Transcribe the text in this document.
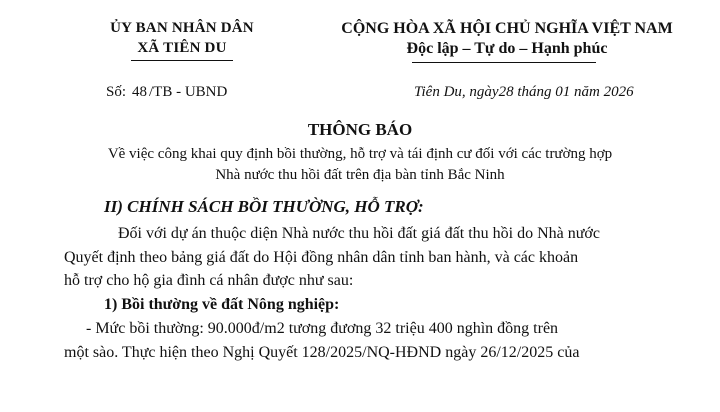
ỦY BAN NHÂN DÂN
XÃ TIÊN DU
CỘNG HÒA XÃ HỘI CHỦ NGHĨA VIỆT NAM
Độc lập – Tự do – Hạnh phúc
Số: 48 /TB - UBND	Tiên Du, ngày28 tháng 01 năm 2026
THÔNG BÁO
Về việc công khai quy định bồi thường, hỗ trợ và tái định cư đối với các trường hợp
Nhà nước thu hồi đất trên địa bàn tỉnh Bắc Ninh
II) CHÍNH SÁCH BỒI THƯỜNG, HỖ TRỢ:
Đối với dự án thuộc diện Nhà nước thu hồi đất giá đất thu hồi do Nhà nước
Quyết định theo bảng giá đất do Hội đồng nhân dân tỉnh ban hành, và các khoản
hỗ trợ cho hộ gia đình cá nhân được như sau:
1) Bồi thường về đất Nông nghiệp:
- Mức bồi thường: 90.000đ/m2 tương đương 32 triệu 400 nghìn đồng trên
một sào. Thực hiện theo Nghị Quyết 128/2025/NQ-HĐND ngày 26/12/2025 của
